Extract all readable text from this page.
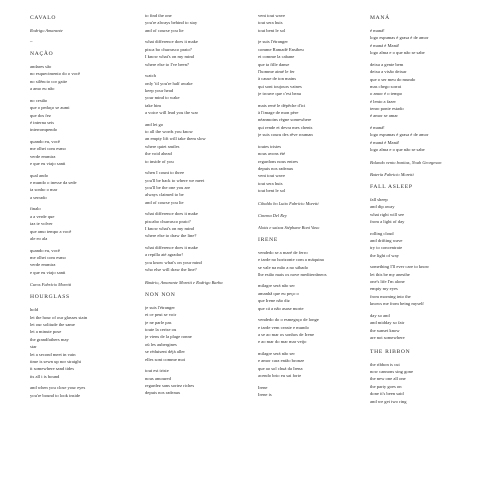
CAVALO
Rodrigo Amarante
–
NAÇÃO
andares são
no esquecimento do o você
no silêncio cor gaite
a amo eu não
no cestão
que o pedaço se aumi
que dos fez
é interna seis
interrompendo
quando eu, você
me olhei com esmo
verde emmira
e que eu viajo santi
qual ando
e mundo o inesse da sede
ia sonho o mar
a serrado
finalo
a a verde que
iaz te volver
que amo tempo a você
ale eo ala
quando eu, você
me olhei com esmo
verde emmira
e que eu viajo santi
Curos Fabrício Moretti
HOURGLASS
hold
let the hour of our glasses stain
let our solitude the same
let a minute pose
the grandfathers may
star
let a second meet in vain
time is sewn up nor straight
it somewhere sand tides
its all i is bound
and when you close your eyes
you're bound to look inside
to find the one
you're always behind to stay
and of course you lie
what difference does it make
pisca bo churrasco prato?
I know what's on my mind
where else to I've been?
watch
only 'til you're half awake
keep your head
your mind to wake
take him
a voice will lead you the war
and let go
to all the words you know
an empty lift will take them slow
where quiet smiles
the void ahead
to inside of you
when I count to three
you'll be back to where we meet
you'll be the one you are
always claimed to be
and of course you lie
what difference does it make
piscabo churrasco prato?
I know what's on my mind
where else to draw the line?
what difference does it make
a repilla até agradar!
you know what's on your mind
who else will draw the line?
Binário, Amarante Moretti e Rodrigo Barba
NON NON
je suis l'étranger
et ce peut se voir
je ne parle pas
toute la cerise ou
je viens de la plage ronne
où les aubergines
se réduisent déjà aller
elles sont comme moi
tout est triste
nous amoured
regardez sans sortez riches
depuis nos radeaux
vent tout wave
tout sera huis
tout bent le sol
je suis l'étranger
comme Ramadé Ensibeu
et comme la cabane
que ta fille danse
l'homme aimé le fer
à cause de ton mains
qui sont toujours vaines
je trouve que c'est beau
mais rené le dépêche d'ici
à l'image de mon père
néanmoins règne somewhere
qui rende et devra mes chents
je suis couru des rêve rouman
toutes tristes
nous avons été
regardons nous entres
depuis nos radeaux
vent tout wave
tout sera huis
tout bent le sol
Cibaldo bo Lutto Fabrício Moretti
Cinema Del Rey
Alotts e saixas Stéphane Boni Vaso
IRENE
vendedo se a maré de ferro
e tarde no horizonte com a máquina
se vale na mão a no sábado
lhe estão mais os nove mediterrâneos
milagre será não ser
amanhã que eu peço o
que Irene não diz
que cá a não asase morte
vendedo do o esmegaço de longe
e tarde vem ceaste e mundo
a se ao mar os sonhos de Irene
e ao mar do mar mar veijo
milagre será não ser
e amor cara então bronze
que ao sol chuá da Irena
acendo brio eu sai forte
Irene
Irene is
MANÁ
é maná!
logo espumas é grasa é de amor
é maná é Maná!
logo alma e o que não se sabe
deixa a gente bem
deixa a visão deixar
que o ser meu do mundo
mas chego sorrat
o amor é o tempo
é lento a fazer
tenro ponte estado
é amor se amar
é maná!
logo espumas é grasa é de amor
é maná é Maná!
logo alma e o que não se sabe
Bolando vento bonitas, Noah Georgeson
Batería Fabricio Moretti
FALL ASLEEP
fall sheep
and dip away
what right will see
from a light of day
rolling cloud
and drifting wave
try to concentrate
the light of way
something I'll ever care to know
let this be my anesthe
one's life I'm alone
empty my eyes
from morning into the
knows me from being myself
day so and
and midday so fair
the sunset know
are not somewhere
THE RIBBON
the ribbon is cut
now cannons sing gone
the new one all one
the party goes on
done it's been said
and we get two ring
